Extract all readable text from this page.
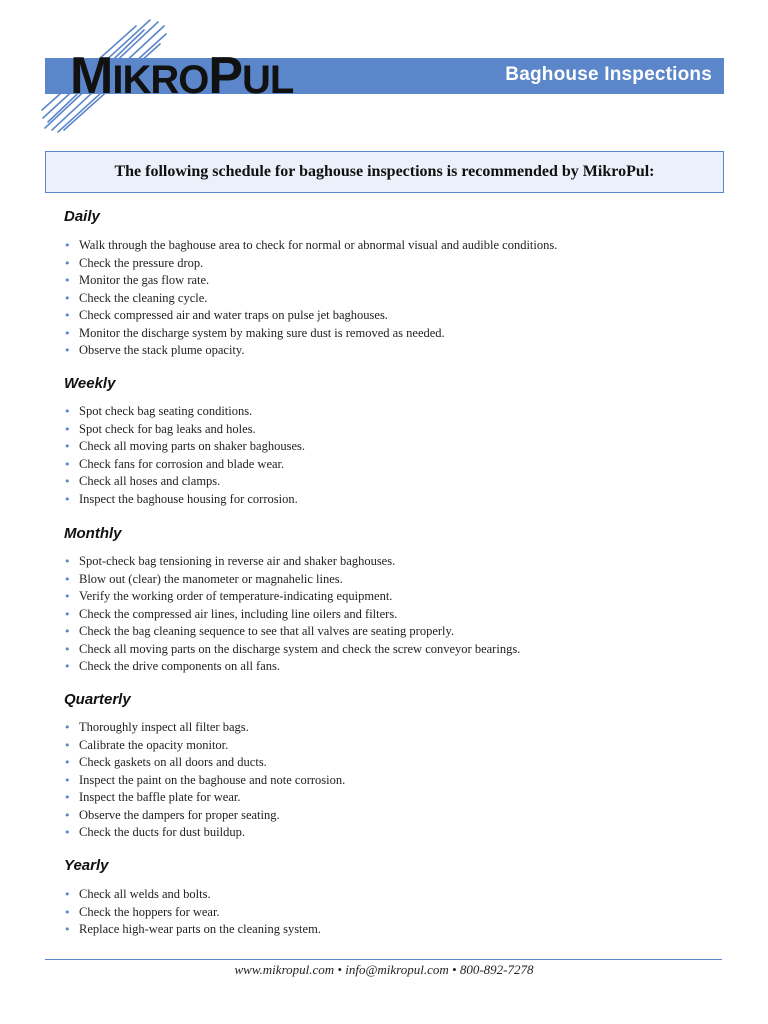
Baghouse Inspections
MIKROPUL
The following schedule for baghouse inspections is recommended by MikroPul:
Daily
• Walk through the baghouse area to check for normal or abnormal visual and audible conditions.
• Check the pressure drop.
• Monitor the gas flow rate.
• Check the cleaning cycle.
• Check compressed air and water traps on pulse jet baghouses.
• Monitor the discharge system by making sure dust is removed as needed.
• Observe the stack plume opacity.
Weekly
• Spot check bag seating conditions.
• Spot check for bag leaks and holes.
• Check all moving parts on shaker baghouses.
• Check fans for corrosion and blade wear.
• Check all hoses and clamps.
• Inspect the baghouse housing for corrosion.
Monthly
• Spot-check bag tensioning in reverse air and shaker baghouses.
• Blow out (clear) the manometer or magnahelic lines.
• Verify the working order of temperature-indicating equipment.
• Check the compressed air lines, including line oilers and filters.
• Check the bag cleaning sequence to see that all valves are seating properly.
• Check all moving parts on the discharge system and check the screw conveyor bearings.
• Check the drive components on all fans.
Quarterly
• Thoroughly inspect all filter bags.
• Calibrate the opacity monitor.
• Check gaskets on all doors and ducts.
• Inspect the paint on the baghouse and note corrosion.
• Inspect the baffle plate for wear.
• Observe the dampers for proper seating.
• Check the ducts for dust buildup.
Yearly
• Check all welds and bolts.
• Check the hoppers for wear.
• Replace high-wear parts on the cleaning system.
www.mikropul.com • info@mikropul.com • 800-892-7278
